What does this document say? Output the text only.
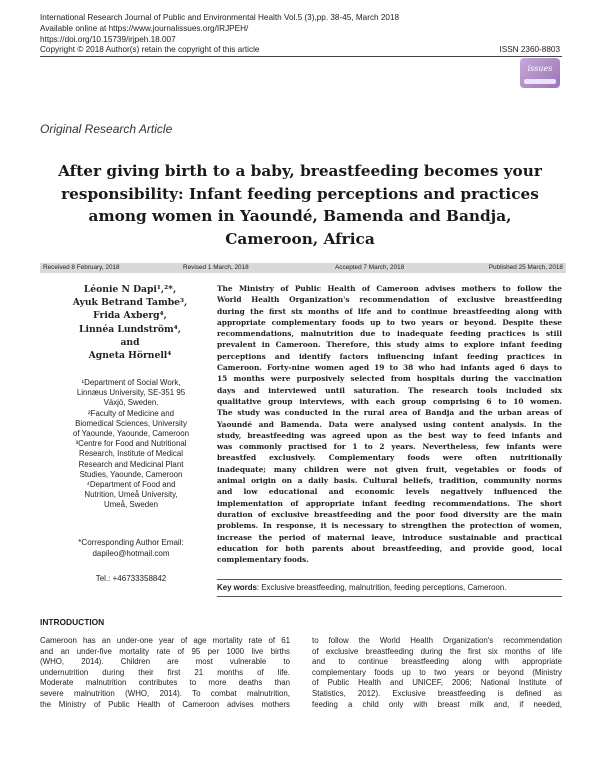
International Research Journal of Public and Environmental Health Vol.5 (3),pp. 38-45, March 2018
Available online at https://www.journalissues.org/IRJPEH/
https://doi.org/10.15739/irjpeh.18.007
Copyright © 2018 Author(s) retain the copyright of this article	ISSN 2360-8803
issues
Original Research Article
After giving birth to a baby, breastfeeding becomes your
responsibility: Infant feeding perceptions and practices
among women in Yaoundé, Bamenda and Bandja,
Cameroon, Africa
Received 8 February, 2018	Revised 1 March, 2018	Accepted 7 March, 2018	Published 25 March, 2018
Léonie N Dapi¹,²*,
Ayuk Betrand Tambe³,
Frida Axberg⁴,
Linnéa Lundström⁴,
and
Agneta Hörnell⁴
¹Department of Social Work,
Linnæus University, SE-351 95
Växjö, Sweden.
²Faculty of Medicine and
Biomedical Sciences, University
of Yaounde, Yaounde, Cameroon
³Centre for Food and Nutritional
Research, Institute of Medical
Research and Medicinal Plant
Studies, Yaounde, Cameroon
⁴Department of Food and
Nutrition, Umeå University,
Umeå, Sweden
*Corresponding Author Email:
dapileo@hotmail.com
Tel.: +46733358842
The Ministry of Public Health of Cameroon advises mothers to follow the
World Health Organization's recommendation of exclusive breastfeeding
during the first six months of life and to continue breastfeeding along with
appropriate complementary foods up to two years or beyond. Despite these
recommendations, malnutrition due to inadequate feeding practices is still
prevalent in Cameroon. Therefore, this study aims to explore infant feeding
perceptions and identify factors influencing infant feeding practices in
Cameroon. Forty-nine women aged 19 to 38 who had infants aged 6 days to
15 months were purposively selected from hospitals during the vaccination
days and interviewed until saturation. The research tools included six
qualitative group interviews, with each group comprising 6 to 10 women.
The study was conducted in the rural area of Bandja and the urban areas of
Yaoundé and Bamenda. Data were analysed using content analysis. In the
study, breastfeeding was agreed upon as the best way to feed infants and
was commonly practised for 1 to 2 years. Nevertheless, few infants were
breastfed exclusively. Complementary foods were often nutritionally
inadequate; many children were not given fruit, vegetables or foods of
animal origin on a daily basis. Cultural beliefs, tradition, community norms
and low educational and economic levels negatively influenced the
implementation of appropriate infant feeding recommendations. The short
duration of exclusive breastfeeding and the poor food diversity are the main
problems. In response, it is necessary to strengthen the protection of women,
increase the period of maternal leave, introduce sustainable and practical
education for both parents about breastfeeding, and provide good, local
complementary foods.
Key words: Exclusive breastfeeding, malnutrition, feeding perceptions, Cameroon.
INTRODUCTION
Cameroon has an under-one year of age mortality rate of 61
and an under-five mortality rate of 95 per 1000 live births
(WHO, 2014). Children are most vulnerable to
undernutrition during their first 21 months of life.
Moderate malnutrition contributes to more deaths than
severe malnutrition (WHO, 2014). To combat malnutrition,
the Ministry of Public Health of Cameroon advises mothers
to follow the World Health Organization's recommendation
of exclusive breastfeeding during the first six months of life
and to continue breastfeeding along with appropriate
complementary foods up to two years or beyond (Ministry
of Public Health and UNICEF, 2006; National Institute of
Statistics, 2012). Exclusive breastfeeding is defined as
feeding a child only with breast milk and, if needed,
